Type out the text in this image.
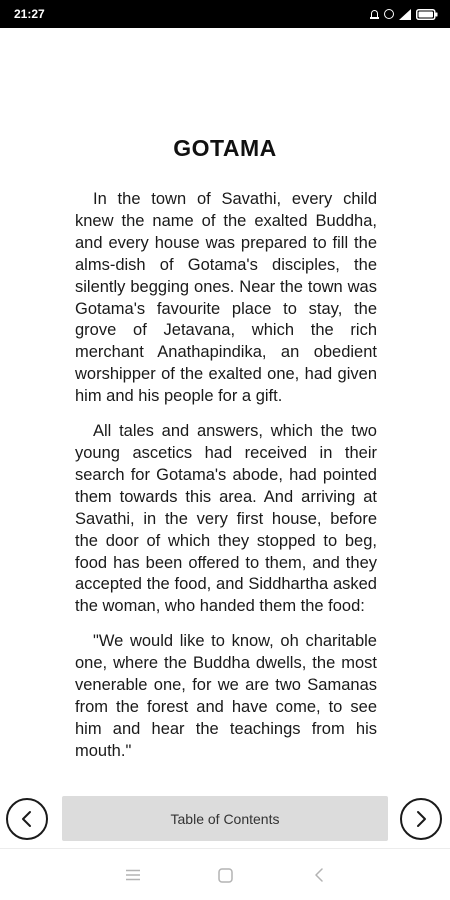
21:27
GOTAMA

In the town of Savathi, every child knew the name of the exalted Buddha, and every house was prepared to fill the alms-dish of Gotama's disciples, the silently begging ones. Near the town was Gotama's favourite place to stay, the grove of Jetavana, which the rich merchant Anathapindika, an obedient worshipper of the exalted one, had given him and his people for a gift.

All tales and answers, which the two young ascetics had received in their search for Gotama's abode, had pointed them towards this area. And arriving at Savathi, in the very first house, before the door of which they stopped to beg, food has been offered to them, and they accepted the food, and Siddhartha asked the woman, who handed them the food:

"We would like to know, oh charitable one, where the Buddha dwells, the most venerable one, for we are two Samanas from the forest and have come, to see him and hear the teachings from his mouth."

Table of Contents
